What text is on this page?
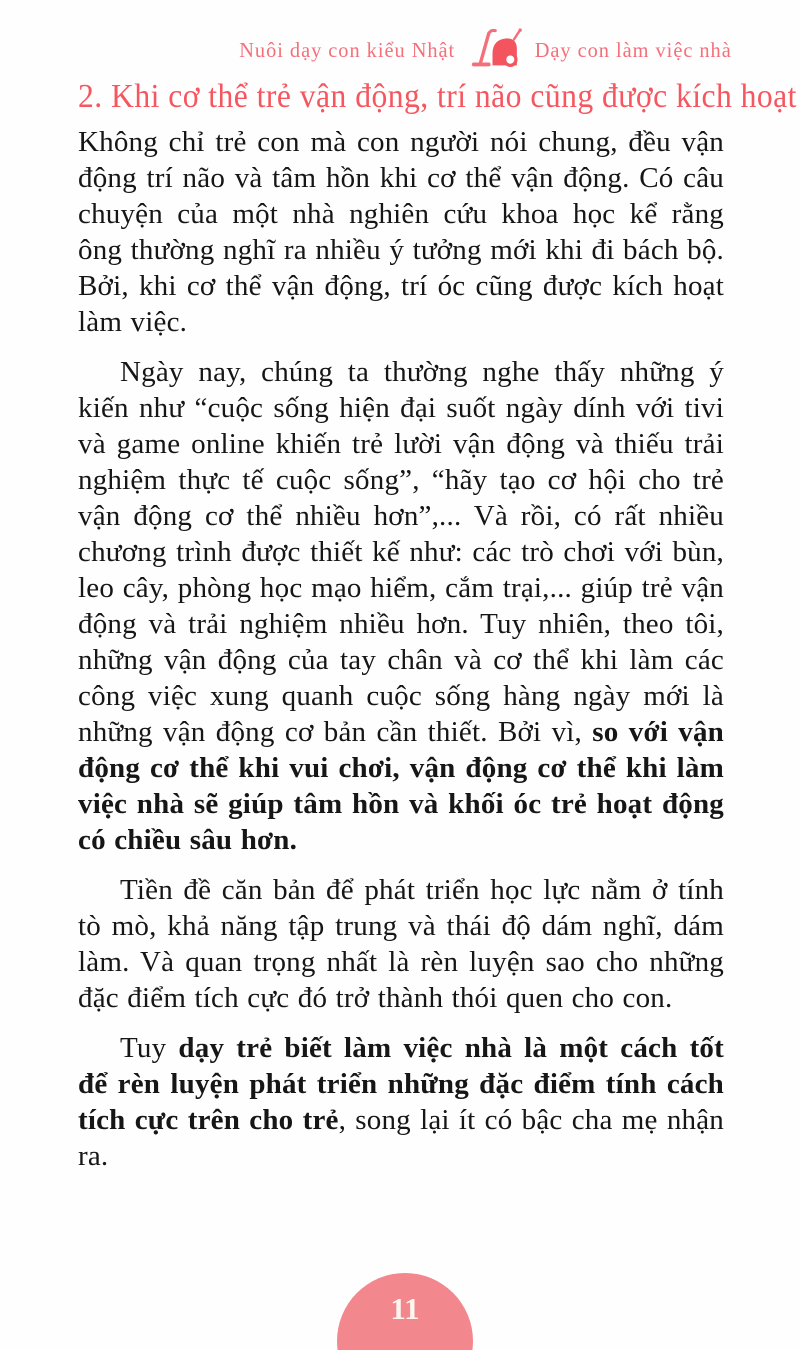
Nuôi dạy con kiểu Nhật	Dạy con làm việc nhà
2. Khi cơ thể trẻ vận động, trí não cũng được kích hoạt

Không chỉ trẻ con mà con người nói chung, đều vận động trí não và tâm hồn khi cơ thể vận động. Có câu chuyện của một nhà nghiên cứu khoa học kể rằng ông thường nghĩ ra nhiều ý tưởng mới khi đi bách bộ. Bởi, khi cơ thể vận động, trí óc cũng được kích hoạt làm việc.

Ngày nay, chúng ta thường nghe thấy những ý kiến như “cuộc sống hiện đại suốt ngày dính với tivi và game online khiến trẻ lười vận động và thiếu trải nghiệm thực tế cuộc sống”, “hãy tạo cơ hội cho trẻ vận động cơ thể nhiều hơn”,... Và rồi, có rất nhiều chương trình được thiết kế như: các trò chơi với bùn, leo cây, phòng học mạo hiểm, cắm trại,... giúp trẻ vận động và trải nghiệm nhiều hơn. Tuy nhiên, theo tôi, những vận động của tay chân và cơ thể khi làm các công việc xung quanh cuộc sống hàng ngày mới là những vận động cơ bản cần thiết. Bởi vì, so với vận động cơ thể khi vui chơi, vận động cơ thể khi làm việc nhà sẽ giúp tâm hồn và khối óc trẻ hoạt động có chiều sâu hơn.

Tiền đề căn bản để phát triển học lực nằm ở tính tò mò, khả năng tập trung và thái độ dám nghĩ, dám làm. Và quan trọng nhất là rèn luyện sao cho những đặc điểm tích cực đó trở thành thói quen cho con.

Tuy dạy trẻ biết làm việc nhà là một cách tốt để rèn luyện phát triển những đặc điểm tính cách tích cực trên cho trẻ, song lại ít có bậc cha mẹ nhận ra.

11
